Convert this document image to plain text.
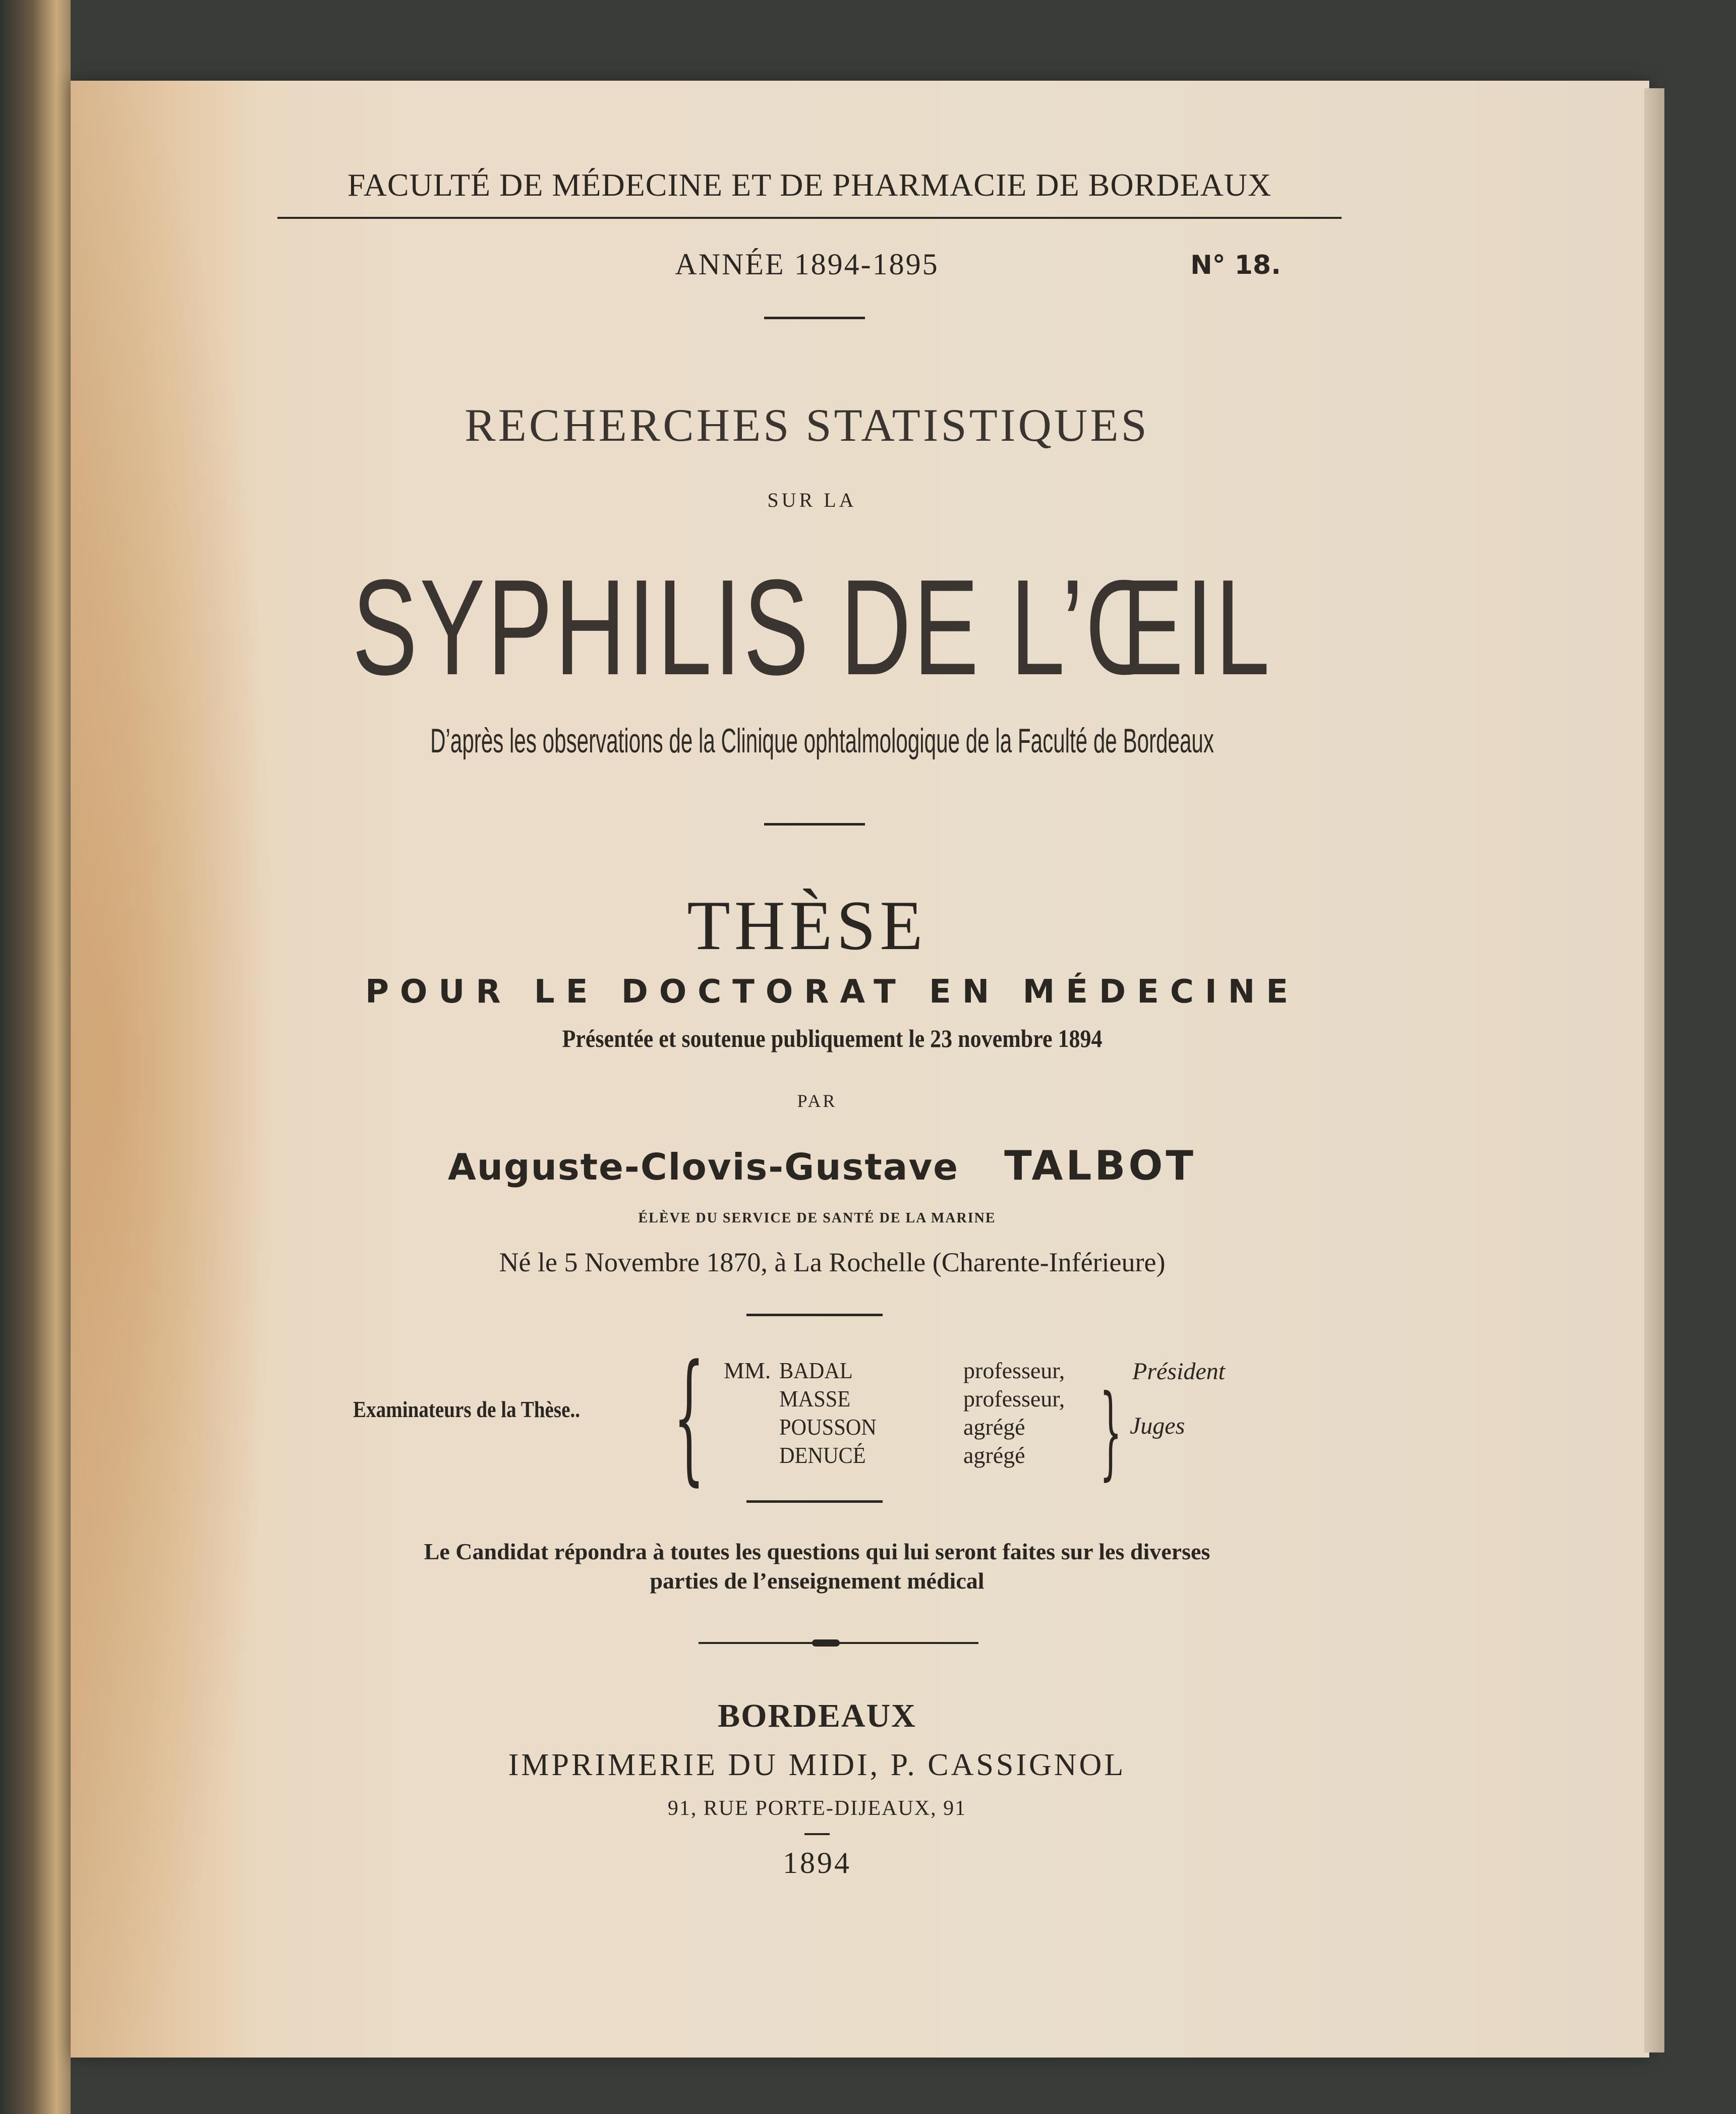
FACULTÉ DE MÉDECINE ET DE PHARMACIE DE BORDEAUX
ANNÉE 1894-1895	N° 18.
RECHERCHES STATISTIQUES
SUR LA
SYPHILIS DE L’ŒIL
D’après les observations de la Clinique ophtalmologique de la Faculté de Bordeaux
THÈSE
POUR LE DOCTORAT EN MÉDECINE
Présentée et soutenue publiquement le 23 novembre 1894
PAR
Auguste-Clovis-Gustave TALBOT
ÉLÈVE DU SERVICE DE SANTÉ DE LA MARINE
Né le 5 Novembre 1870, à La Rochelle (Charente-Inférieure)
Examinateurs de la Thèse.. { MM. BADAL
MASSE
POUSSON
DENUCÉ
professeur,
professeur,
agrégé
agrégé }
Président
Juges
Le Candidat répondra à toutes les questions qui lui seront faites sur les diverses
parties de l’enseignement médical
BORDEAUX
IMPRIMERIE DU MIDI, P. CASSIGNOL
91, RUE PORTE-DIJEAUX, 91
1894
